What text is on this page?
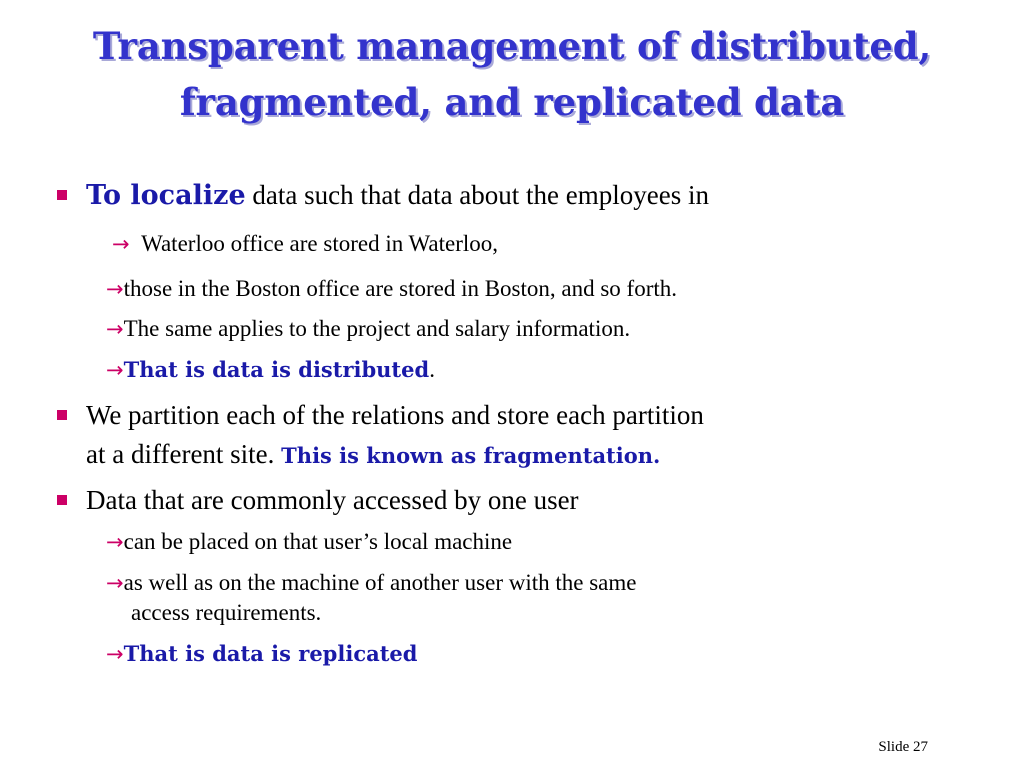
Transparent management of distributed,
fragmented, and replicated data
To localize data such that data about the employees in
→ Waterloo office are stored in Waterloo,
→those in the Boston office are stored in Boston, and so forth.
→The same applies to the project and salary information.
→That is data is distributed.
We partition each of the relations and store each partition
at a different site. This is known as fragmentation.
Data that are commonly accessed by one user
→can be placed on that user’s local machine
→as well as on the machine of another user with the same
access requirements.
→That is data is replicated
Slide 27
